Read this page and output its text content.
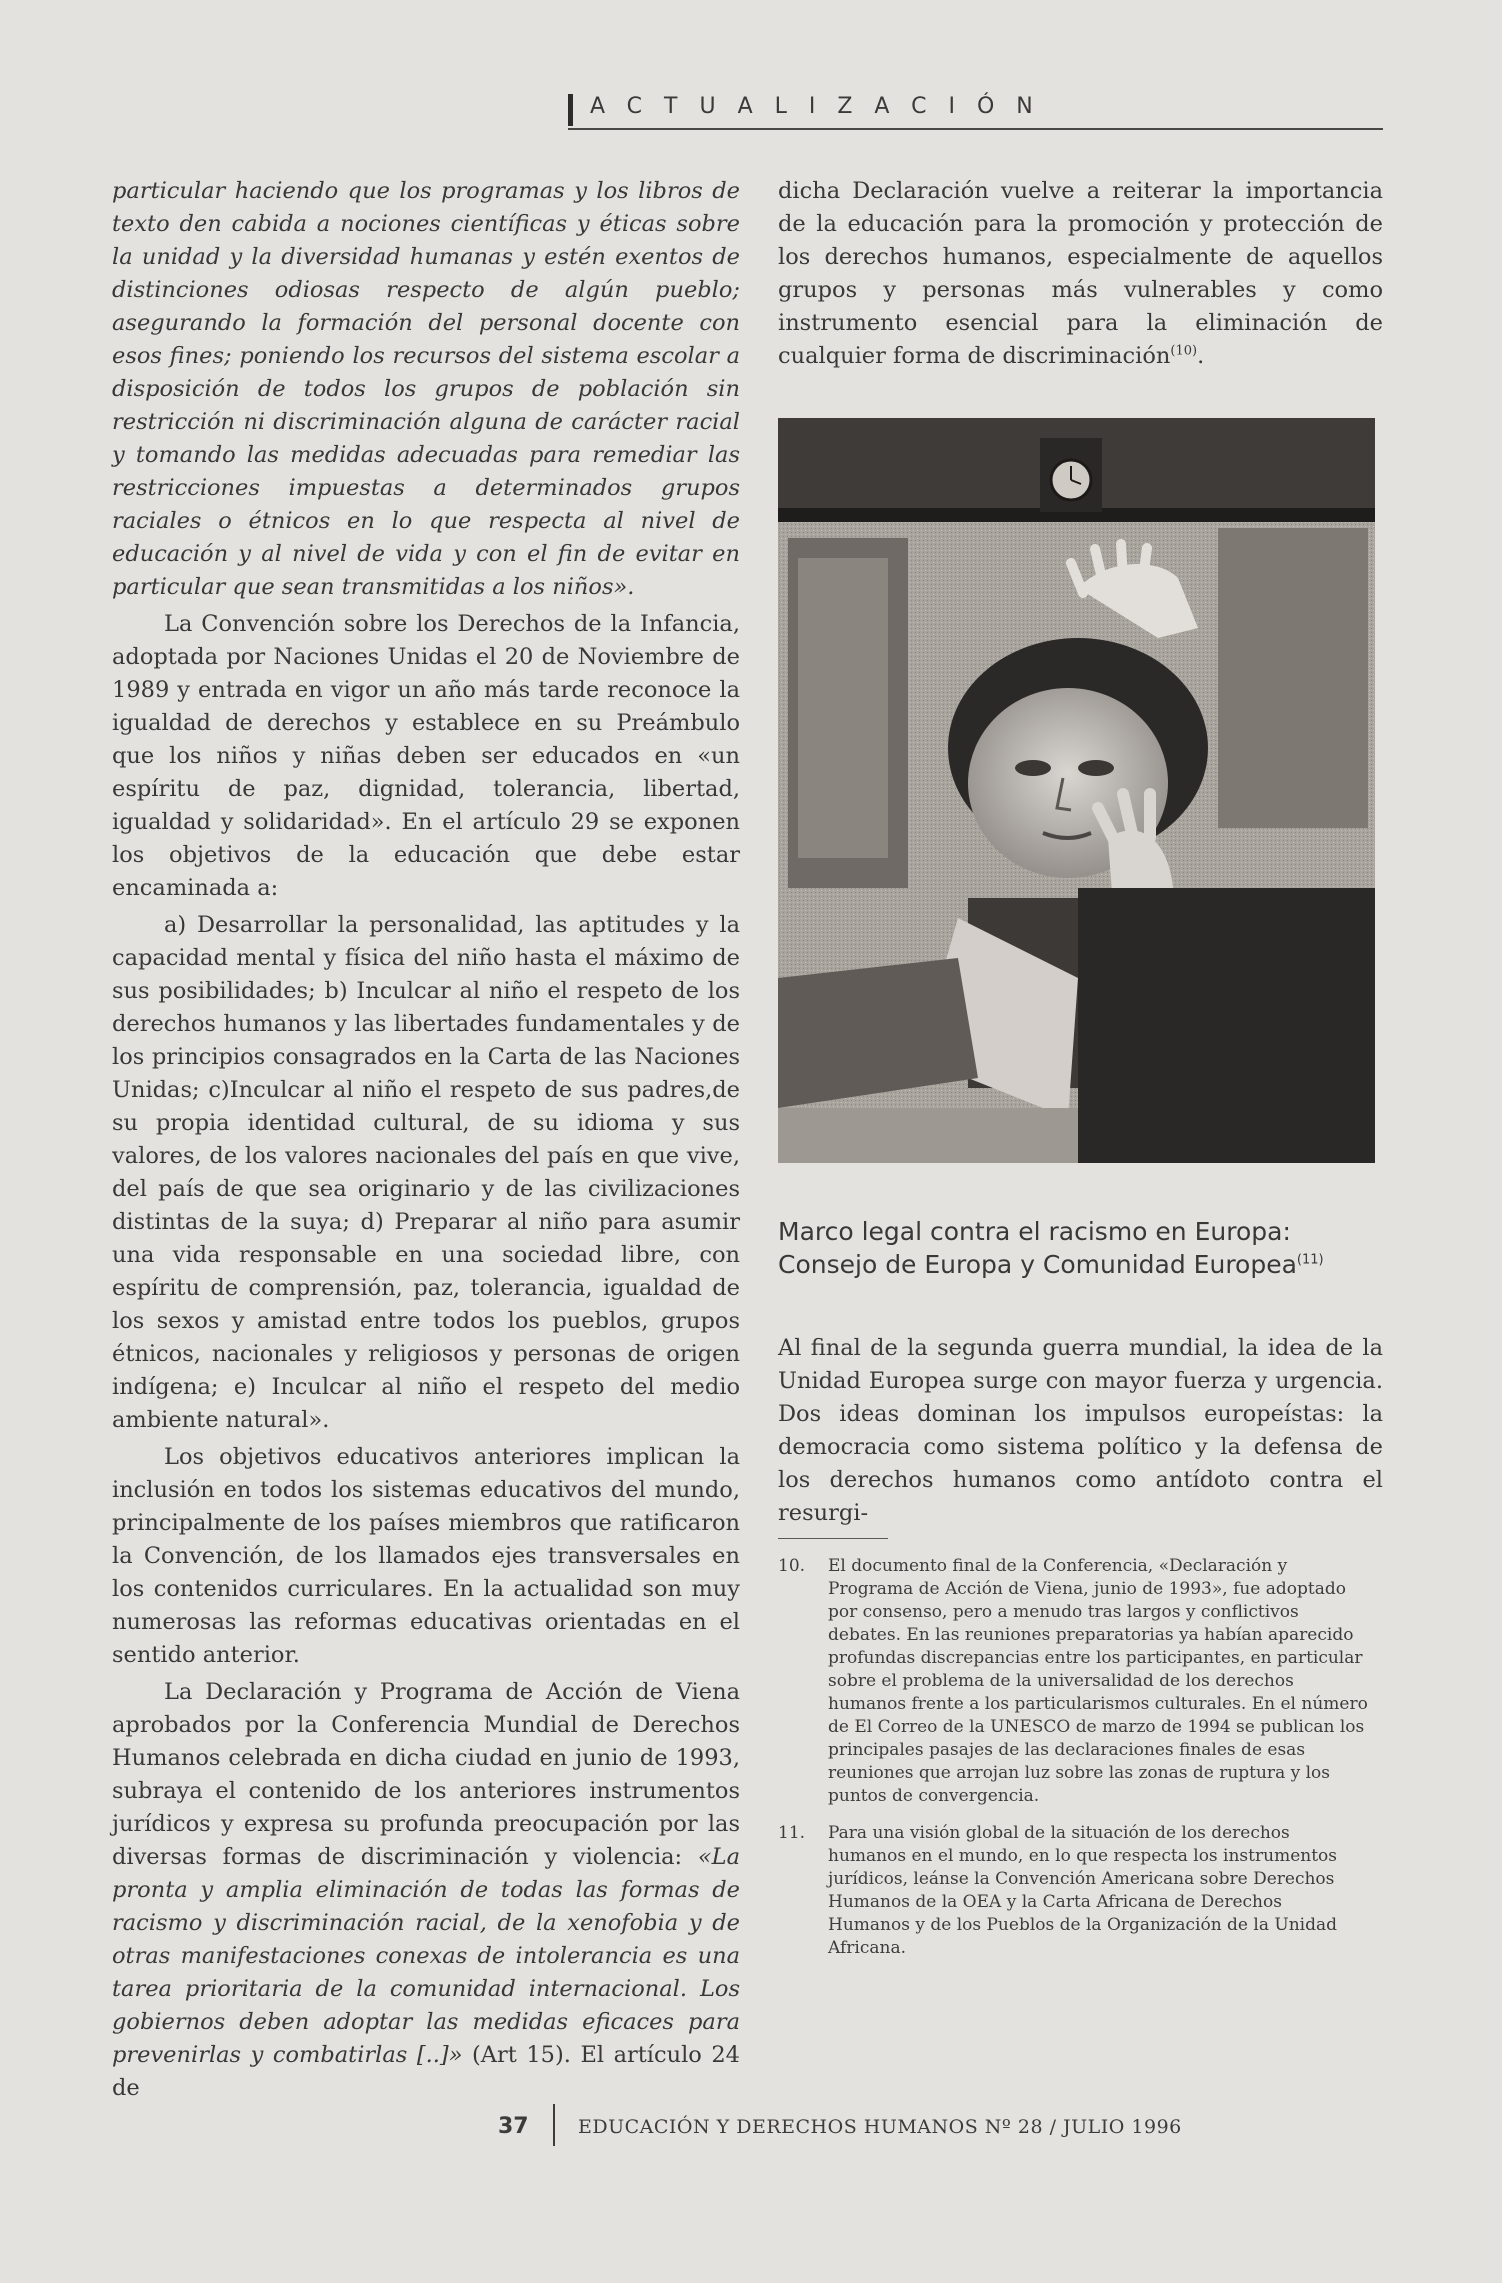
ACTUALIZACIÓN

particular haciendo que los programas y los libros de texto den cabida a nociones científicas y éticas sobre la unidad y la diversidad humanas y estén exentos de distinciones odiosas respecto de algún pueblo; asegurando la formación del personal docente con esos fines; poniendo los recursos del sistema escolar a disposición de todos los grupos de población sin restricción ni discriminación alguna de carácter racial y tomando las medidas adecuadas para remediar las restricciones impuestas a determinados grupos raciales o étnicos en lo que respecta al nivel de educación y al nivel de vida y con el fin de evitar en particular que sean transmitidas a los niños».

La Convención sobre los Derechos de la Infancia, adoptada por Naciones Unidas el 20 de Noviembre de 1989 y entrada en vigor un año más tarde reconoce la igualdad de derechos y establece en su Preámbulo que los niños y niñas deben ser educados en «un espíritu de paz, dignidad, tolerancia, libertad, igualdad y solidaridad». En el artículo 29 se exponen los objetivos de la educación que debe estar encaminada a:

a) Desarrollar la personalidad, las aptitudes y la capacidad mental y física del niño hasta el máximo de sus posibilidades; b) Inculcar al niño el respeto de los derechos humanos y las libertades fundamentales y de los principios consagrados en la Carta de las Naciones Unidas; c)Inculcar al niño el respeto de sus padres,de su propia identidad cultural, de su idioma y sus valores, de los valores nacionales del país en que vive, del país de que sea originario y de las civilizaciones distintas de la suya; d) Preparar al niño para asumir una vida responsable en una sociedad libre, con espíritu de comprensión, paz, tolerancia, igualdad de los sexos y amistad entre todos los pueblos, grupos étnicos, nacionales y religiosos y personas de origen indígena; e) Inculcar al niño el respeto del medio ambiente natural».

Los objetivos educativos anteriores implican la inclusión en todos los sistemas educativos del mundo, principalmente de los países miembros que ratificaron la Convención, de los llamados ejes transversales en los contenidos curriculares. En la actualidad son muy numerosas las reformas educativas orientadas en el sentido anterior.

La Declaración y Programa de Acción de Viena aprobados por la Conferencia Mundial de Derechos Humanos celebrada en dicha ciudad en junio de 1993, subraya el contenido de los anteriores instrumentos jurídicos y expresa su profunda preocupación por las diversas formas de discriminación y violencia: «La pronta y amplia eliminación de todas las formas de racismo y discriminación racial, de la xenofobia y de otras manifestaciones conexas de intolerancia es una tarea prioritaria de la comunidad internacional. Los gobiernos deben adoptar las medidas eficaces para prevenirlas y combatirlas [..]» (Art 15). El artículo 24 de

dicha Declaración vuelve a reiterar la importancia de la educación para la promoción y protección de los derechos humanos, especialmente de aquellos grupos y personas más vulnerables y como instrumento esencial para la eliminación de cualquier forma de discriminación$^{(10)}$.

Marco legal contra el racismo en Europa: Consejo de Europa y Comunidad Europea$^{(11)}$

Al final de la segunda guerra mundial, la idea de la Unidad Europea surge con mayor fuerza y urgencia. Dos ideas dominan los impulsos europeístas: la democracia como sistema político y la defensa de los derechos humanos como antídoto contra el resurgi-

10. El documento final de la Conferencia, «Declaración y Programa de Acción de Viena, junio de 1993», fue adoptado por consenso, pero a menudo tras largos y conflictivos debates. En las reuniones preparatorias ya habían aparecido profundas discrepancias entre los participantes, en particular sobre el problema de la universalidad de los derechos humanos frente a los particularismos culturales. En el número de El Correo de la UNESCO de marzo de 1994 se publican los principales pasajes de las declaraciones finales de esas reuniones que arrojan luz sobre las zonas de ruptura y los puntos de convergencia.
11. Para una visión global de la situación de los derechos humanos en el mundo, en lo que respecta los instrumentos jurídicos, leánse la Convención Americana sobre Derechos Humanos de la OEA y la Carta Africana de Derechos Humanos y de los Pueblos de la Organización de la Unidad Africana.
37	EDUCACIÓN Y DERECHOS HUMANOS Nº 28 / JULIO 1996
